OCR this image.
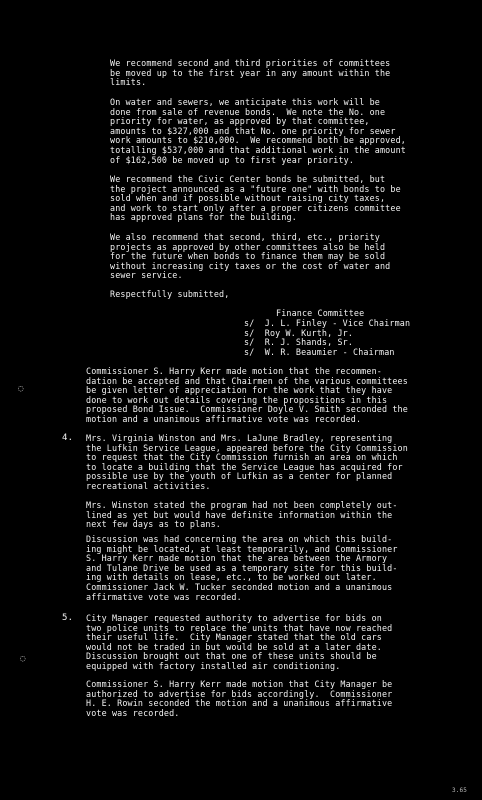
We recommend second and third priorities of committees
be moved up to the first year in any amount within the
limits.
On water and sewers, we anticipate this work will be
done from sale of revenue bonds.  We note the No. one
priority for water, as approved by that committee,
amounts to $327,000 and that No. one priority for sewer
work amounts to $210,000.  We recommend both be approved,
totalling $537,000 and that additional work in the amount
of $162,500 be moved up to first year priority.
We recommend the Civic Center bonds be submitted, but
the project announced as a "future one" with bonds to be
sold when and if possible without raising city taxes,
and work to start only after a proper citizens committee
has approved plans for the building.
We also recommend that second, third, etc., priority
projects as approved by other committees also be held
for the future when bonds to finance them may be sold
without increasing city taxes or the cost of water and
sewer service.
Respectfully submitted,
Finance Committee
s/  J. L. Finley - Vice Chairman
s/  Roy W. Kurth, Jr.
s/  R. J. Shands, Sr.
s/  W. R. Beaumier - Chairman
Commissioner S. Harry Kerr made motion that the recommen-
dation be accepted and that Chairmen of the various committees
be given letter of appreciation for the work that they have
done to work out details covering the propositions in this
proposed Bond Issue.  Commissioner Doyle V. Smith seconded the
motion and a unanimous affirmative vote was recorded.
◌
4. Mrs. Virginia Winston and Mrs. LaJune Bradley, representing
the Lufkin Service League, appeared before the City Commission
to request that the City Commission furnish an area on which
to locate a building that the Service League has acquired for
possible use by the youth of Lufkin as a center for planned
recreational activities.
Mrs. Winston stated the program had not been completely out-
lined as yet but would have definite information within the
next few days as to plans.
Discussion was had concerning the area on which this build-
ing might be located, at least temporarily, and Commissioner
S. Harry Kerr made motion that the area between the Armory
and Tulane Drive be used as a temporary site for this build-
ing with details on lease, etc., to be worked out later.
Commissioner Jack W. Tucker seconded motion and a unanimous
affirmative vote was recorded.
5. City Manager requested authority to advertise for bids on
two police units to replace the units that have now reached
their useful life.  City Manager stated that the old cars
would not be traded in but would be sold at a later date.
Discussion brought out that one of these units should be
equipped with factory installed air conditioning.
◌
Commissioner S. Harry Kerr made motion that City Manager be
authorized to advertise for bids accordingly.  Commissioner
H. E. Rowin seconded the motion and a unanimous affirmative
vote was recorded.
3.65
